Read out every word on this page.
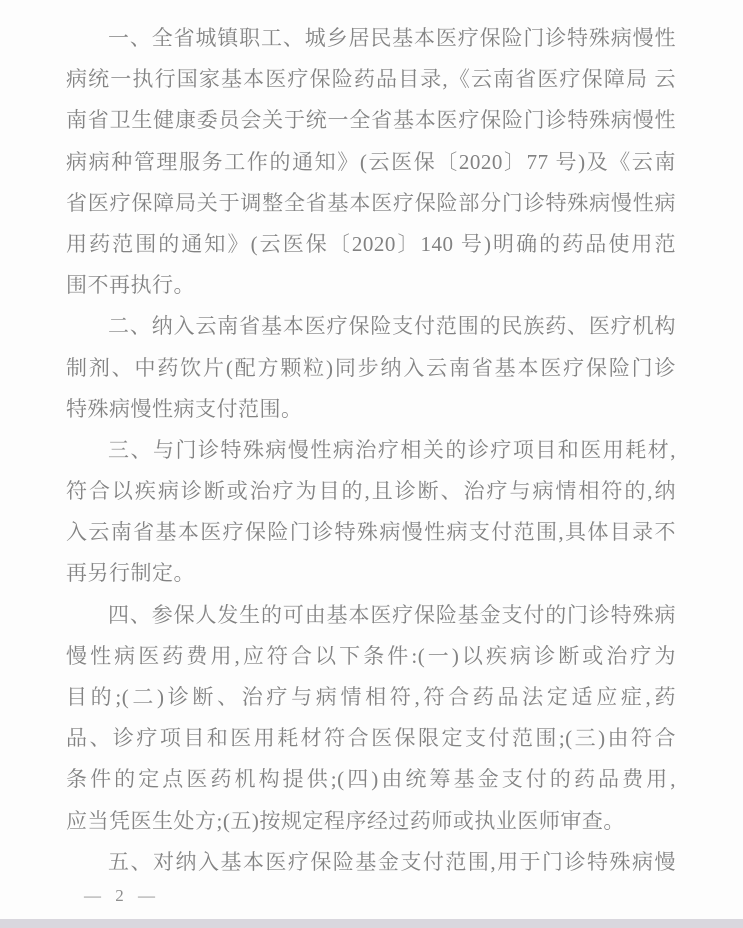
一、全省城镇职工、城乡居民基本医疗保险门诊特殊病慢性
病统一执行国家基本医疗保险药品目录,《云南省医疗保障局 云
南省卫生健康委员会关于统一全省基本医疗保险门诊特殊病慢性
病病种管理服务工作的通知》(云医保〔2020〕77 号)及《云南
省医疗保障局关于调整全省基本医疗保险部分门诊特殊病慢性病
用药范围的通知》(云医保〔2020〕140 号)明确的药品使用范
围不再执行。
二、纳入云南省基本医疗保险支付范围的民族药、医疗机构
制剂、中药饮片(配方颗粒)同步纳入云南省基本医疗保险门诊
特殊病慢性病支付范围。
三、与门诊特殊病慢性病治疗相关的诊疗项目和医用耗材,
符合以疾病诊断或治疗为目的,且诊断、治疗与病情相符的,纳
入云南省基本医疗保险门诊特殊病慢性病支付范围,具体目录不
再另行制定。
四、参保人发生的可由基本医疗保险基金支付的门诊特殊病
慢性病医药费用,应符合以下条件:(一)以疾病诊断或治疗为
目的;(二)诊断、治疗与病情相符,符合药品法定适应症,药
品、诊疗项目和医用耗材符合医保限定支付范围;(三)由符合
条件的定点医药机构提供;(四)由统筹基金支付的药品费用,
应当凭医生处方;(五)按规定程序经过药师或执业医师审查。
五、对纳入基本医疗保险基金支付范围,用于门诊特殊病慢
— 2 —
